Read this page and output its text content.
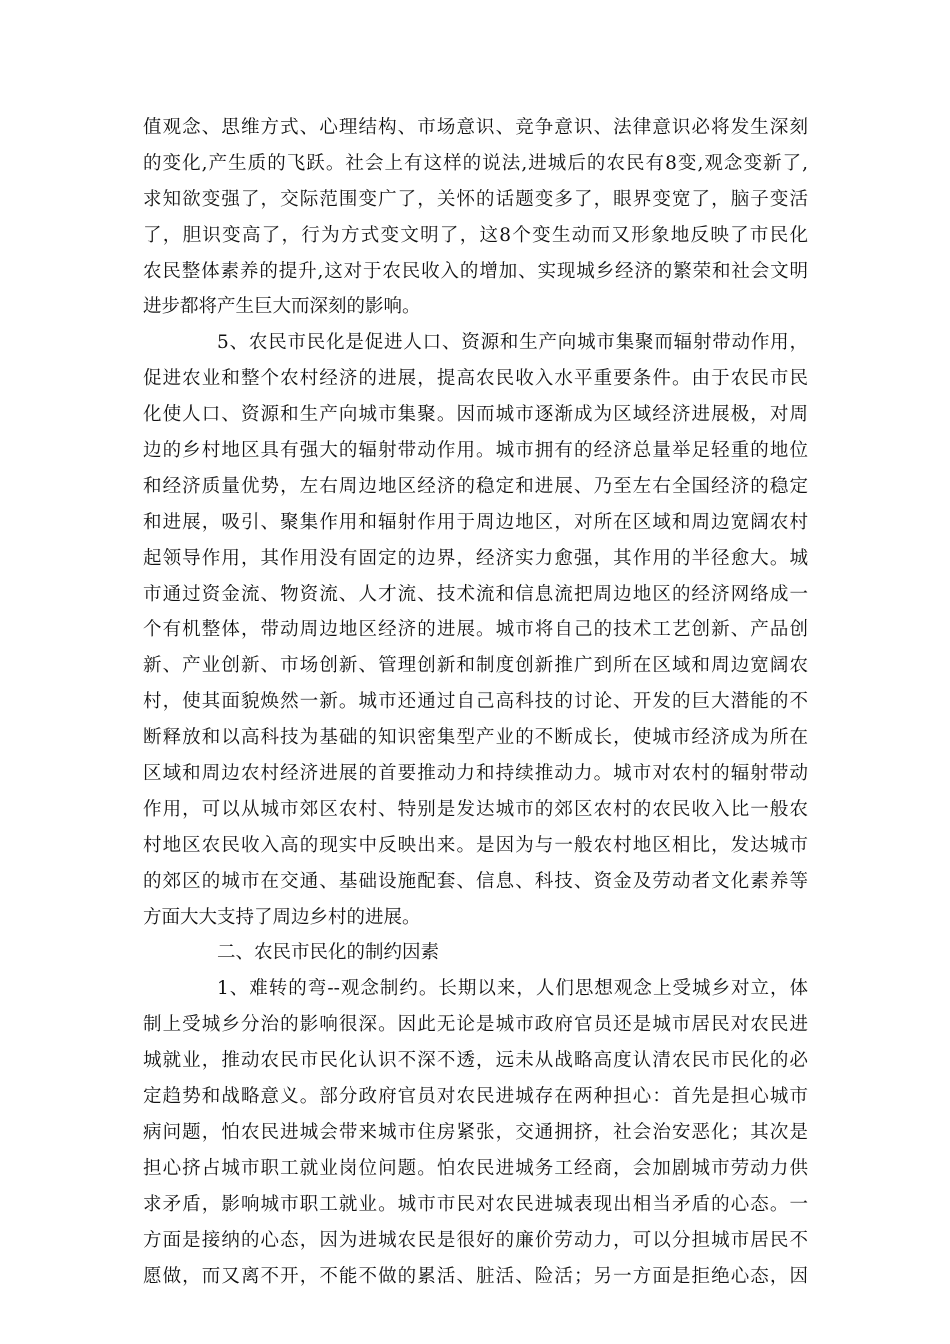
值观念、思维方式、心理结构、市场意识、竞争意识、法律意识必将发生深刻
的变化,产生质的飞跃。社会上有这样的说法,进城后的农民有8变,观念变新了,
求知欲变强了，交际范围变广了，关怀的话题变多了，眼界变宽了，脑子变活
了，胆识变高了，行为方式变文明了，这8个变生动而又形象地反映了市民化
农民整体素养的提升,这对于农民收入的增加、实现城乡经济的繁荣和社会文明
进步都将产生巨大而深刻的影响。
5、农民市民化是促进人口、资源和生产向城市集聚而辐射带动作用，
促进农业和整个农村经济的进展，提高农民收入水平重要条件。由于农民市民
化使人口、资源和生产向城市集聚。因而城市逐渐成为区域经济进展极，对周
边的乡村地区具有强大的辐射带动作用。城市拥有的经济总量举足轻重的地位
和经济质量优势，左右周边地区经济的稳定和进展、乃至左右全国经济的稳定
和进展，吸引、聚集作用和辐射作用于周边地区，对所在区域和周边宽阔农村
起领导作用，其作用没有固定的边界，经济实力愈强，其作用的半径愈大。城
市通过资金流、物资流、人才流、技术流和信息流把周边地区的经济网络成一
个有机整体，带动周边地区经济的进展。城市将自己的技术工艺创新、产品创
新、产业创新、市场创新、管理创新和制度创新推广到所在区域和周边宽阔农
村，使其面貌焕然一新。城市还通过自己高科技的讨论、开发的巨大潜能的不
断释放和以高科技为基础的知识密集型产业的不断成长，使城市经济成为所在
区域和周边农村经济进展的首要推动力和持续推动力。城市对农村的辐射带动
作用，可以从城市郊区农村、特别是发达城市的郊区农村的农民收入比一般农
村地区农民收入高的现实中反映出来。是因为与一般农村地区相比，发达城市
的郊区的城市在交通、基础设施配套、信息、科技、资金及劳动者文化素养等
方面大大支持了周边乡村的进展。
二、农民市民化的制约因素
1、难转的弯--观念制约。长期以来，人们思想观念上受城乡对立，体
制上受城乡分治的影响很深。因此无论是城市政府官员还是城市居民对农民进
城就业，推动农民市民化认识不深不透，远未从战略高度认清农民市民化的必
定趋势和战略意义。部分政府官员对农民进城存在两种担心：首先是担心城市
病问题，怕农民进城会带来城市住房紧张，交通拥挤，社会治安恶化；其次是
担心挤占城市职工就业岗位问题。怕农民进城务工经商，会加剧城市劳动力供
求矛盾，影响城市职工就业。城市市民对农民进城表现出相当矛盾的心态。一
方面是接纳的心态，因为进城农民是很好的廉价劳动力，可以分担城市居民不
愿做，而又离不开，不能不做的累活、脏活、险活；另一方面是拒绝心态，因
